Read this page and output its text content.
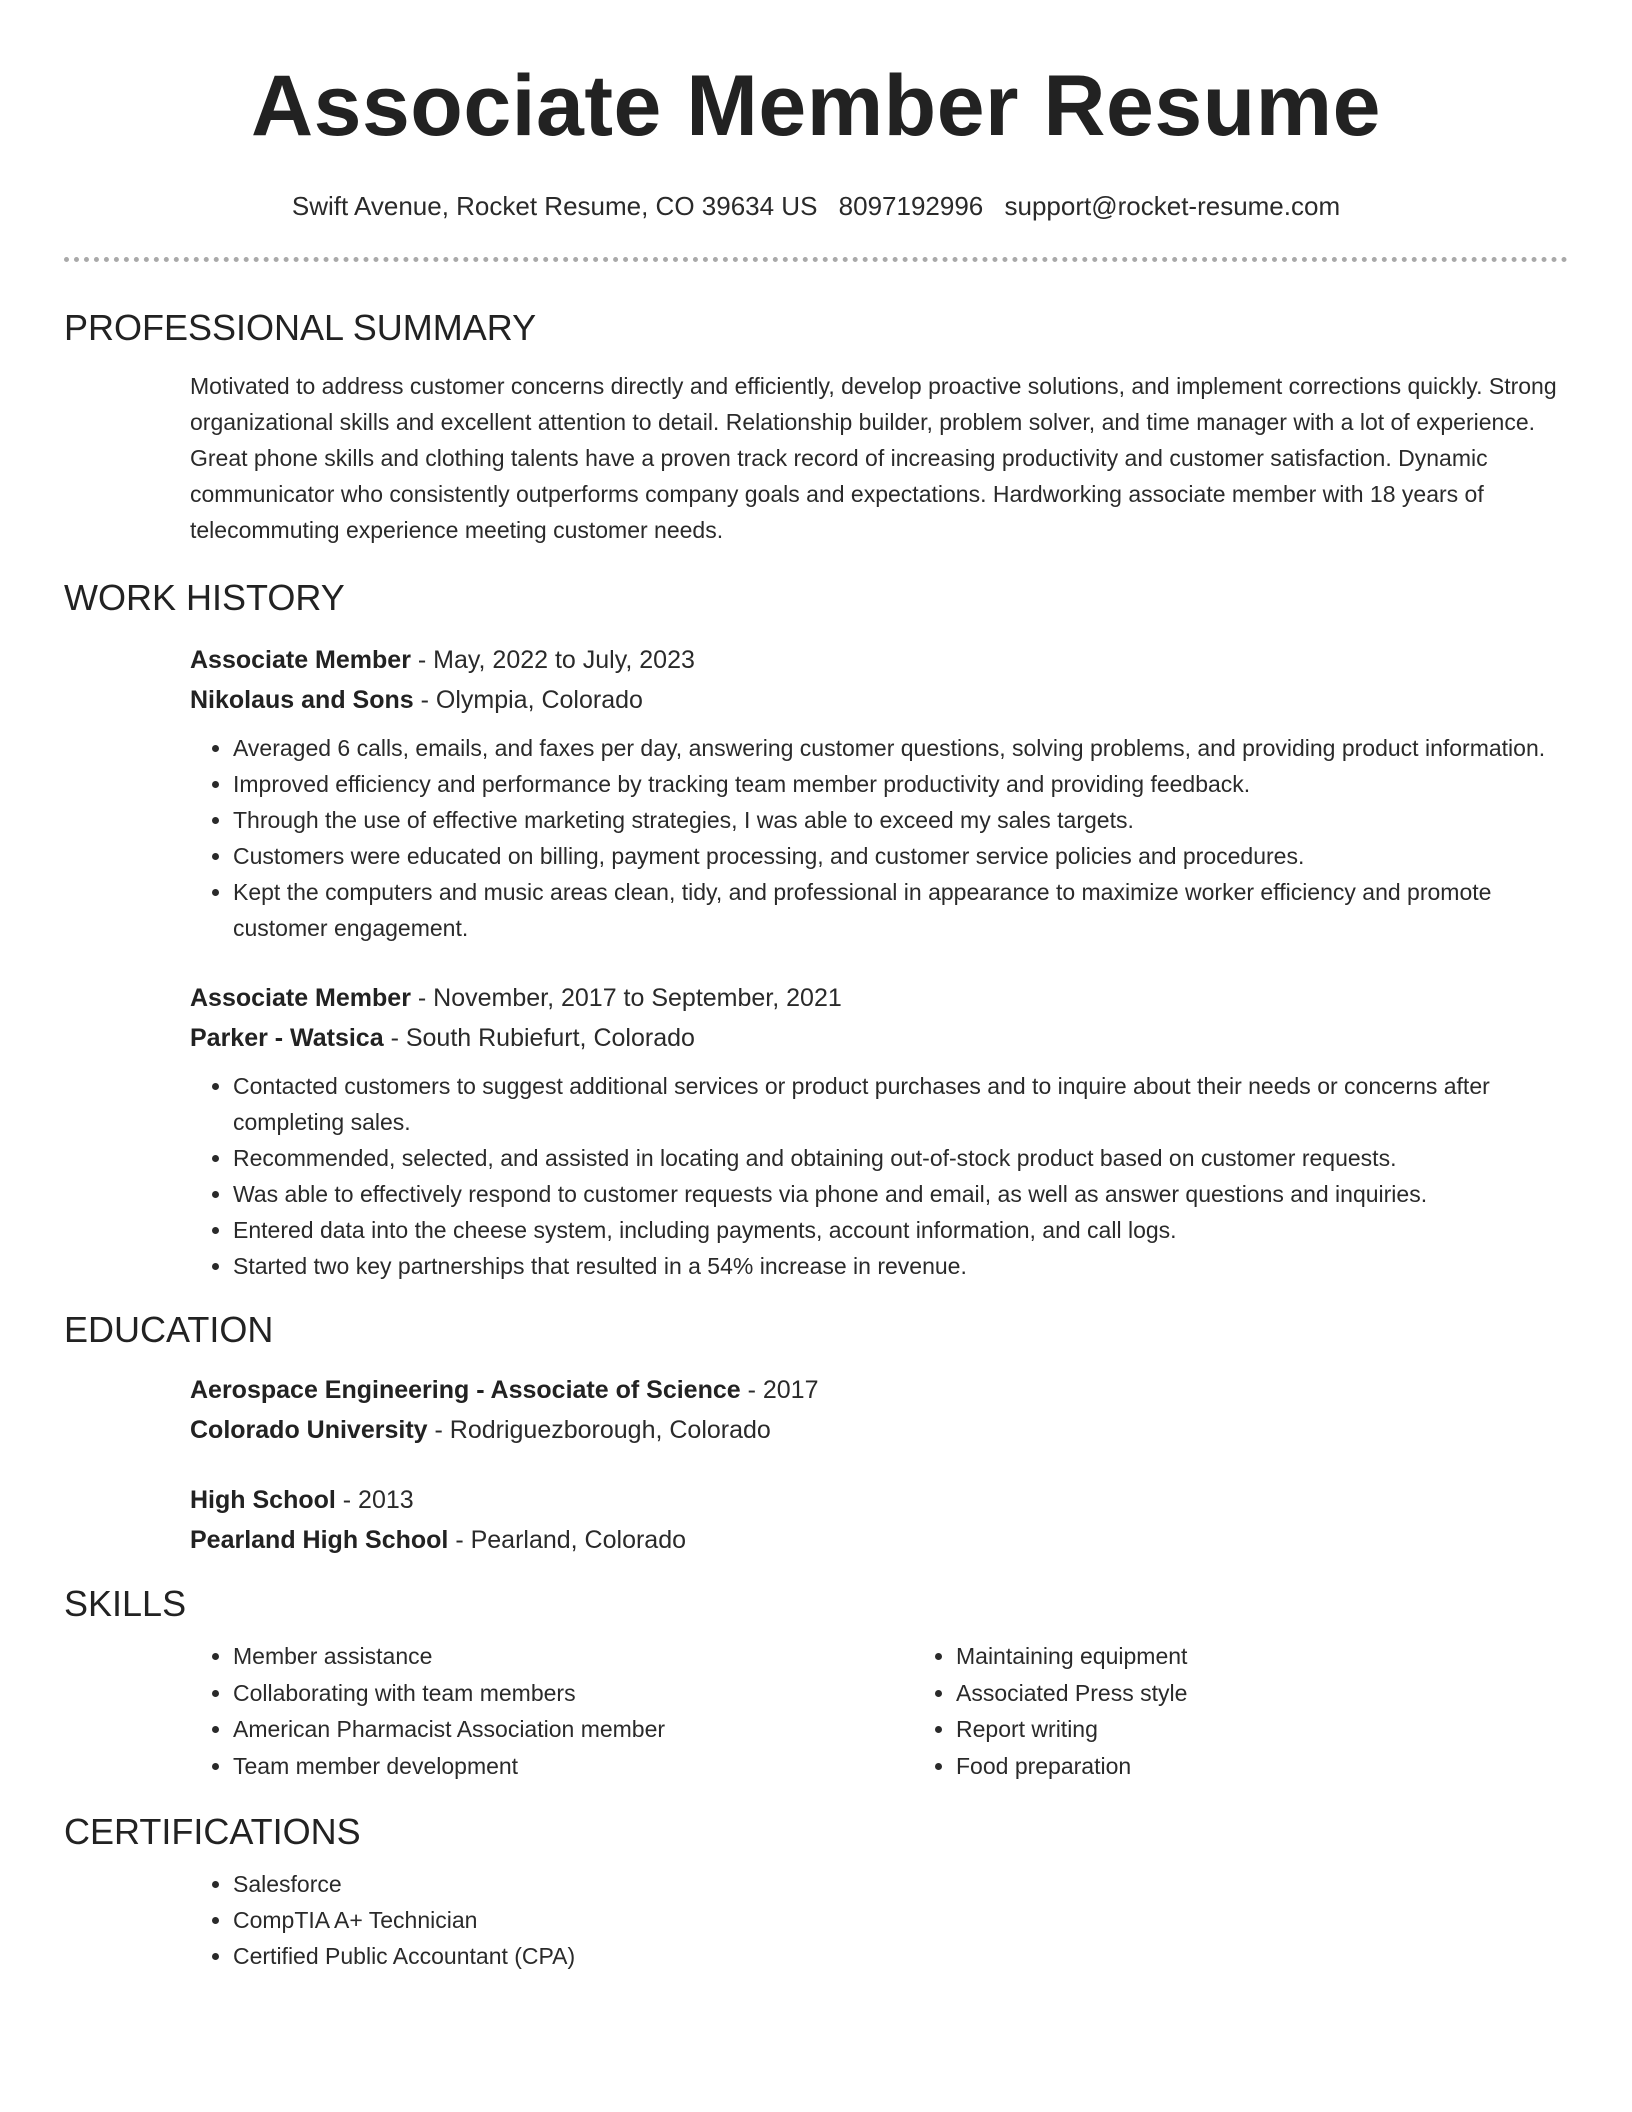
Associate Member Resume
Swift Avenue, Rocket Resume, CO 39634 US 8097192996 support@rocket-resume.com
PROFESSIONAL SUMMARY

Motivated to address customer concerns directly and efficiently, develop proactive solutions, and implement corrections quickly. Strong organizational skills and excellent attention to detail. Relationship builder, problem solver, and time manager with a lot of experience. Great phone skills and clothing talents have a proven track record of increasing productivity and customer satisfaction. Dynamic communicator who consistently outperforms company goals and expectations. Hardworking associate member with 18 years of telecommuting experience meeting customer needs.

WORK HISTORY
Associate Member - May, 2022 to July, 2023
Nikolaus and Sons - Olympia, Colorado
• Averaged 6 calls, emails, and faxes per day, answering customer questions, solving problems, and providing product information.
• Improved efficiency and performance by tracking team member productivity and providing feedback.
• Through the use of effective marketing strategies, I was able to exceed my sales targets.
• Customers were educated on billing, payment processing, and customer service policies and procedures.
• Kept the computers and music areas clean, tidy, and professional in appearance to maximize worker efficiency and promote customer engagement.
Associate Member - November, 2017 to September, 2021
Parker - Watsica - South Rubiefurt, Colorado
• Contacted customers to suggest additional services or product purchases and to inquire about their needs or concerns after completing sales.
• Recommended, selected, and assisted in locating and obtaining out-of-stock product based on customer requests.
• Was able to effectively respond to customer requests via phone and email, as well as answer questions and inquiries.
• Entered data into the cheese system, including payments, account information, and call logs.
• Started two key partnerships that resulted in a 54% increase in revenue.
EDUCATION
Aerospace Engineering - Associate of Science - 2017
Colorado University - Rodriguezborough, Colorado
High School - 2013
Pearland High School - Pearland, Colorado
SKILLS
• Member assistance
• Collaborating with team members
• American Pharmacist Association member
• Team member development
• Maintaining equipment
• Associated Press style
• Report writing
• Food preparation
CERTIFICATIONS
• Salesforce
• CompTIA A+ Technician
• Certified Public Accountant (CPA)
